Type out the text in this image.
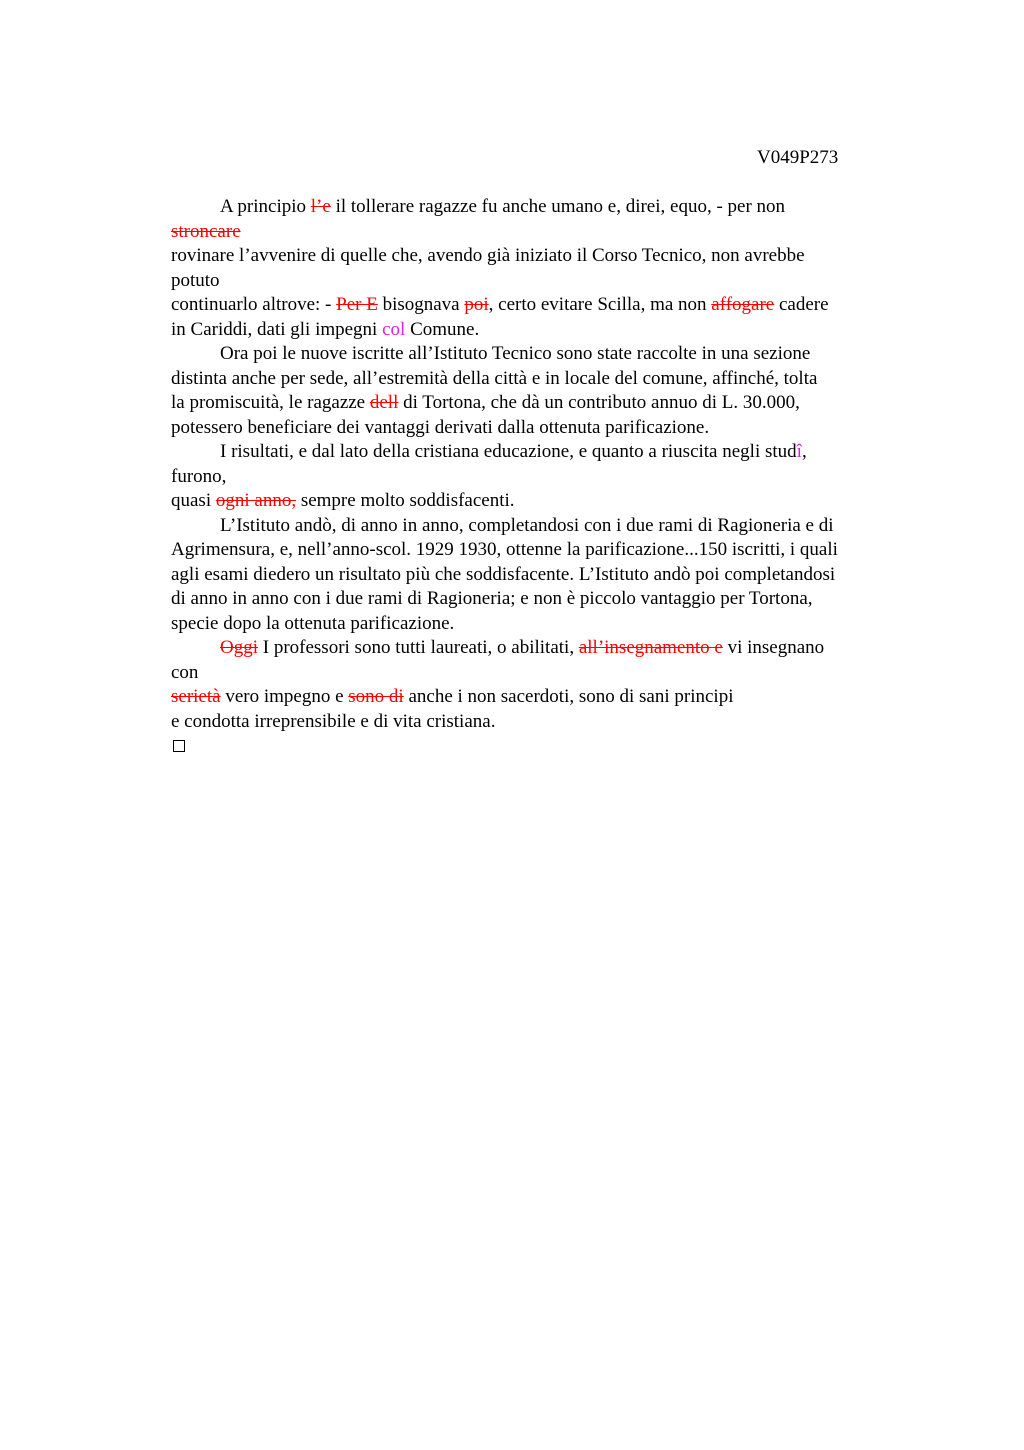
V049P273
A principio l’e il tollerare ragazze fu anche umano e, direi, equo, - per non
stroncare
rovinare l’avvenire di quelle che, avendo già iniziato il Corso Tecnico, non avrebbe
potuto
continuarlo altrove: - Per E bisognava poi, certo evitare Scilla, ma non affogare cadere
in Cariddi, dati gli impegni col Comune.
Ora poi le nuove iscritte all’Istituto Tecnico sono state raccolte in una sezione
distinta anche per sede, all’estremità della città e in locale del comune, affinché, tolta
la promiscuità, le ragazze dell di Tortona, che dà un contributo annuo di L. 30.000,
potessero beneficiare dei vantaggi derivati dalla ottenuta parificazione.
I risultati, e dal lato della cristiana educazione, e quanto a riuscita negli studî,
furono,
quasi ogni anno, sempre molto soddisfacenti.
L’Istituto andò, di anno in anno, completandosi con i due rami di Ragioneria e di
Agrimensura, e, nell’anno-scol. 1929 1930, ottenne la parificazione...150 iscritti, i quali
agli esami diedero un risultato più che soddisfacente. L’Istituto andò poi completandosi
di anno in anno con i due rami di Ragioneria; e non è piccolo vantaggio per Tortona,
specie dopo la ottenuta parificazione.
Oggi I professori sono tutti laureati, o abilitati, all’insegnamento e vi insegnano
con
serietà vero impegno e sono di anche i non sacerdoti, sono di sani principi
e condotta irreprensibile e di vita cristiana.
